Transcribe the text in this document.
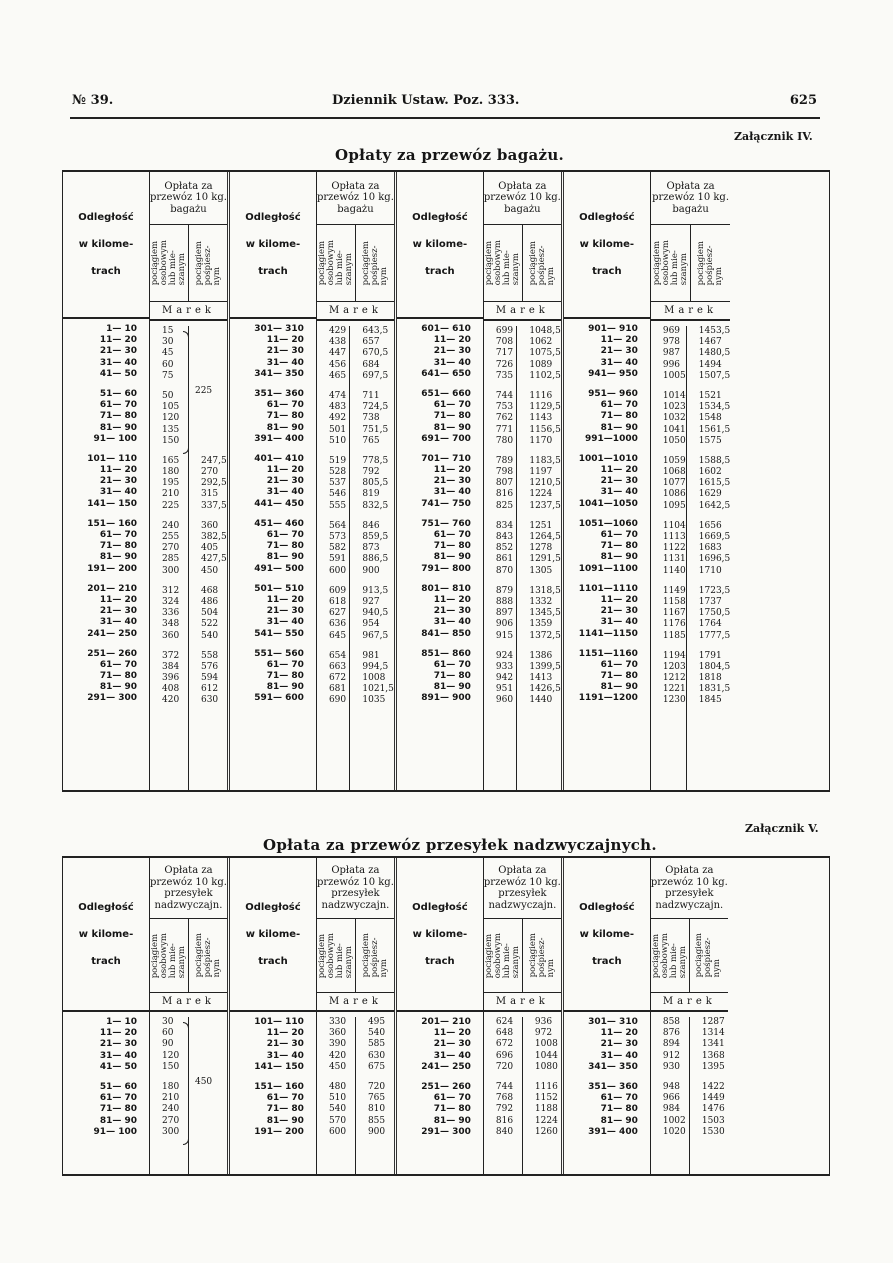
№ 39.	Dziennik Ustaw. Poz. 333.	625
Załącznik IV.
Opłaty za przewóz bagażu.
Odległość
w kilome-
trach
1— 10
11— 20
21— 30
31— 40
41— 50
51— 60
61— 70
71— 80
81— 90
91— 100
101— 110
11— 20
21— 30
31— 40
141— 150
151— 160
61— 70
71— 80
81— 90
191— 200
201— 210
11— 20
21— 30
31— 40
241— 250
251— 260
61— 70
71— 80
81— 90
291— 300
Opłata za
przewóz 10 kg.
bagażu
pociągiem
osobowym
lub mie-
szanym pociągiem
pośpiesz-
nym
Marek
15
30
45
60
75
50
105
120
135
150
165
180
195
210
225
240
255
270
285
300
312
324
336
348
360
372
384
396
408
420
247,5
270
292,5
315
337,5
360
382,5
405
427,5
450
468
486
504
522
540
558
576
594
612
630
225
Odległość
w kilome-
trach
301— 310
11— 20
21— 30
31— 40
341— 350
351— 360
61— 70
71— 80
81— 90
391— 400
401— 410
11— 20
21— 30
31— 40
441— 450
451— 460
61— 70
71— 80
81— 90
491— 500
501— 510
11— 20
21— 30
31— 40
541— 550
551— 560
61— 70
71— 80
81— 90
591— 600
Opłata za
przewóz 10 kg.
bagażu
pociągiem
osobowym
lub mie-
szanym pociągiem
pośpiesz-
nym
Marek
429
438
447
456
465
474
483
492
501
510
519
528
537
546
555
564
573
582
591
600
609
618
627
636
645
654
663
672
681
690
643,5
657
670,5
684
697,5
711
724,5
738
751,5
765
778,5
792
805,5
819
832,5
846
859,5
873
886,5
900
913,5
927
940,5
954
967,5
981
994,5
1008
1021,5
1035
Odległość
w kilome-
trach
601— 610
11— 20
21— 30
31— 40
641— 650
651— 660
61— 70
71— 80
81— 90
691— 700
701— 710
11— 20
21— 30
31— 40
741— 750
751— 760
61— 70
71— 80
81— 90
791— 800
801— 810
11— 20
21— 30
31— 40
841— 850
851— 860
61— 70
71— 80
81— 90
891— 900
Opłata za
przewóz 10 kg.
bagażu
pociągiem
osobowym
lub mie-
szanym pociągiem
pośpiesz-
nym
Marek
699
708
717
726
735
744
753
762
771
780
789
798
807
816
825
834
843
852
861
870
879
888
897
906
915
924
933
942
951
960
1048,5
1062
1075,5
1089
1102,5
1116
1129,5
1143
1156,5
1170
1183,5
1197
1210,5
1224
1237,5
1251
1264,5
1278
1291,5
1305
1318,5
1332
1345,5
1359
1372,5
1386
1399,5
1413
1426,5
1440
Odległość
w kilome-
trach
901— 910
11— 20
21— 30
31— 40
941— 950
951— 960
61— 70
71— 80
81— 90
991—1000
1001—1010
11— 20
21— 30
31— 40
1041—1050
1051—1060
61— 70
71— 80
81— 90
1091—1100
1101—1110
11— 20
21— 30
31— 40
1141—1150
1151—1160
61— 70
71— 80
81— 90
1191—1200
Opłata za
przewóz 10 kg.
bagażu
pociągiem
osobowym
lub mie-
szanym pociągiem
pośpiesz-
nym
Marek
969
978
987
996
1005
1014
1023
1032
1041
1050
1059
1068
1077
1086
1095
1104
1113
1122
1131
1140
1149
1158
1167
1176
1185
1194
1203
1212
1221
1230
1453,5
1467
1480,5
1494
1507,5
1521
1534,5
1548
1561,5
1575
1588,5
1602
1615,5
1629
1642,5
1656
1669,5
1683
1696,5
1710
1723,5
1737
1750,5
1764
1777,5
1791
1804,5
1818
1831,5
1845
Załącznik V.
Opłata za przewóz przesyłek nadzwyczajnych.
Odległość
w kilome-
trach
1— 10
11— 20
21— 30
31— 40
41— 50
51— 60
61— 70
71— 80
81— 90
91— 100
Opłata za
przewóz 10 kg.
przesyłek
nadzwyczajn.
pociągiem
osobowym
lub mie-
szanym pociągiem
pośpiesz-
nym
Marek
30
60
90
120
150
180
210
240
270
300
450
Odległość
w kilome-
trach
101— 110
11— 20
21— 30
31— 40
141— 150
151— 160
61— 70
71— 80
81— 90
191— 200
Opłata za
przewóz 10 kg.
przesyłek
nadzwyczajn.
pociągiem
osobowym
lub mie-
szanym pociągiem
pośpiesz-
nym
Marek
330
360
390
420
450
480
510
540
570
600
495
540
585
630
675
720
765
810
855
900
Odległość
w kilome-
trach
201— 210
11— 20
21— 30
31— 40
241— 250
251— 260
61— 70
71— 80
81— 90
291— 300
Opłata za
przewóz 10 kg.
przesyłek
nadzwyczajn.
pociągiem
osobowym
lub mie-
szanym pociągiem
pośpiesz-
nym
Marek
624
648
672
696
720
744
768
792
816
840
936
972
1008
1044
1080
1116
1152
1188
1224
1260
Odległość
w kilome-
trach
301— 310
11— 20
21— 30
31— 40
341— 350
351— 360
61— 70
71— 80
81— 90
391— 400
Opłata za
przewóz 10 kg.
przesyłek
nadzwyczajn.
pociągiem
osobowym
lub mie-
szanym pociągiem
pośpiesz-
nym
Marek
858
876
894
912
930
948
966
984
1002
1020
1287
1314
1341
1368
1395
1422
1449
1476
1503
1530
